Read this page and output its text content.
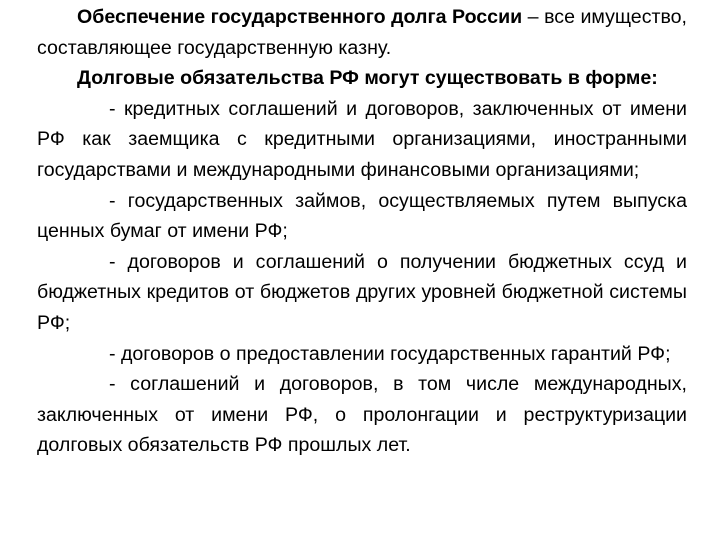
Обеспечение государственного долга России – все имущество, составляющее государственную казну.

Долговые обязательства РФ могут существовать в форме:

- кредитных соглашений и договоров, заключенных от имени РФ как заемщика с кредитными организациями, иностранными государствами и международными финансовыми организациями;

- государственных займов, осуществляемых путем выпуска ценных бумаг от имени РФ;

- договоров и соглашений о получении бюджетных ссуд и бюджетных кредитов от бюджетов других уровней бюджетной системы РФ;

- договоров о предоставлении государственных гарантий РФ;

- соглашений и договоров, в том числе международных, заключенных от имени РФ, о пролонгации и реструктуризации долговых обязательств РФ прошлых лет.
